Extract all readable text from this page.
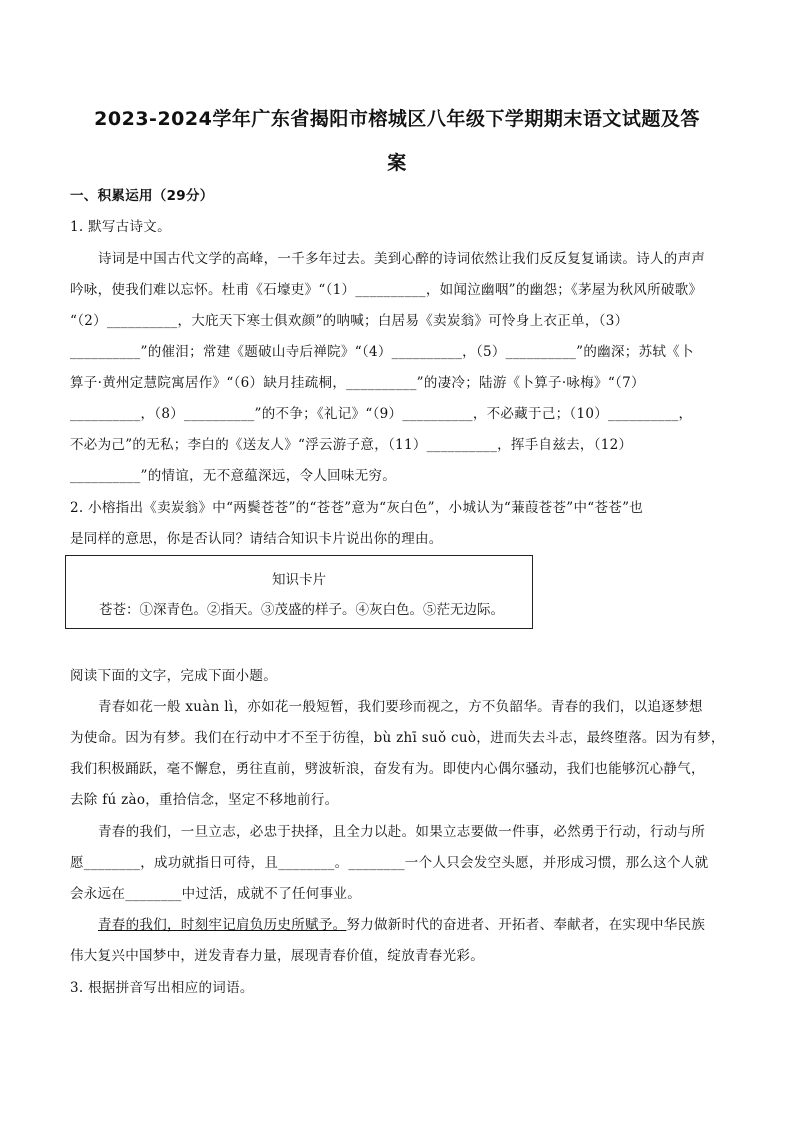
2023-2024学年广东省揭阳市榕城区八年级下学期期末语文试题及答
案
一、积累运用（29分）
1. 默写古诗文。
诗词是中国古代文学的高峰，一千多年过去。美到心醉的诗词依然让我们反反复复诵读。诗人的声声
吟咏，使我们难以忘怀。杜甫《石壕吏》“（1）__________，如闻泣幽咽”的幽怨；《茅屋为秋风所破歌》
“（2）__________，大庇天下寒士俱欢颜”的呐喊；白居易《卖炭翁》可怜身上衣正单，（3）
__________”的催泪；常建《题破山寺后禅院》“（4）__________，（5）__________”的幽深；苏轼《卜
算子·黄州定慧院寓居作》“（6）缺月挂疏桐，__________”的凄冷；陆游《卜算子·咏梅》“（7）
__________，（8）__________”的不争；《礼记》“（9）__________，不必藏于己；（10）__________，
不必为己”的无私；李白的《送友人》“浮云游子意，（11）__________，挥手自兹去，（12）
__________”的情谊，无不意蕴深远，令人回味无穷。
2. 小榕指出《卖炭翁》中“两鬓苍苍”的“苍苍”意为“灰白色”，小城认为“蒹葭苍苍”中“苍苍”也
是同样的意思，你是否认同？请结合知识卡片说出你的理由。
知识卡片
苍苍：①深青色。②指天。③茂盛的样子。④灰白色。⑤茫无边际。
阅读下面的文字，完成下面小题。
青春如花一般 xuàn lì，亦如花一般短暂，我们要珍而视之，方不负韶华。青春的我们，以追逐梦想
为使命。因为有梦。我们在行动中才不至于彷徨，bù zhī suǒ cuò，进而失去斗志，最终堕落。因为有梦，
我们积极踊跃，毫不懈怠，勇往直前，劈波斩浪，奋发有为。即使内心偶尔骚动，我们也能够沉心静气，
去除 fú zào，重拾信念，坚定不移地前行。
青春的我们，一旦立志，必忠于抉择，且全力以赴。如果立志要做一件事，必然勇于行动，行动与所
愿________，成功就指日可待，且________。________一个人只会发空头愿，并形成习惯，那么这个人就
会永远在________中过活，成就不了任何事业。
青春的我们，时刻牢记肩负历史所赋予。努力做新时代的奋进者、开拓者、奉献者，在实现中华民族
伟大复兴中国梦中，迸发青春力量，展现青春价值，绽放青春光彩。
3. 根据拼音写出相应的词语。
